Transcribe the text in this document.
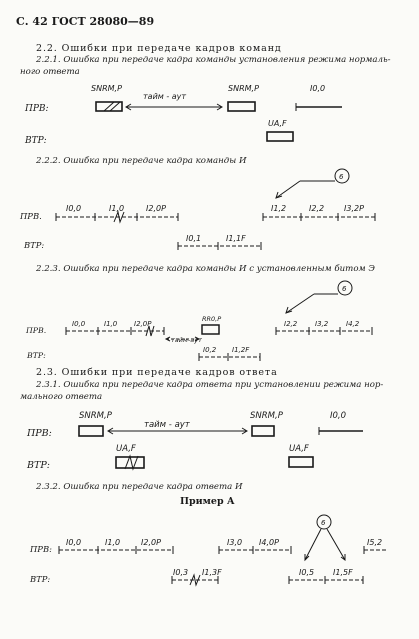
С. 42 ГОСТ 28080—89
2.2. Ошибки при передаче кадров команд
2.2.1. Ошибка при передаче кадра команды установления режима нормаль-
ного ответа
2.2.2. Ошибка при передаче кадра команды И
2.2.3. Ошибка при передаче кадра команды И с установленным битом Э
2.3. Ошибки при передаче кадров ответа
2.3.1. Ошибка при передаче кадра ответа при установлении режима нор-
мального ответа
2.3.2. Ошибка при передаче кадра ответа И
Пример А
ПРВ:
ВТР:
ПРВ.
ВТР:
ПРВ.
ВТР:
ПРВ:
ВТР:
ПРВ:
ВТР:
SNRM,P
тайм - аут
SNRM,P	I0,0
UA,F
6
I0,0	I1,0	I2,0P	I1,2	I2,2 I3,2P
I0,1	I1,1F
6
I0,0	I1,0 I2,0P
RR0,P
тайм-аут
I2,2	I3,2	I4,2
I0,2 I1,2F
SNRM,P
тайм - аут
SNRM,P	I0,0
UA,F	UA,F
6
I0,0	I1,0	I2,0P	I3,0 I4,0P	I5,2
I0,3 I1,3F	I0,5 I1,5F
